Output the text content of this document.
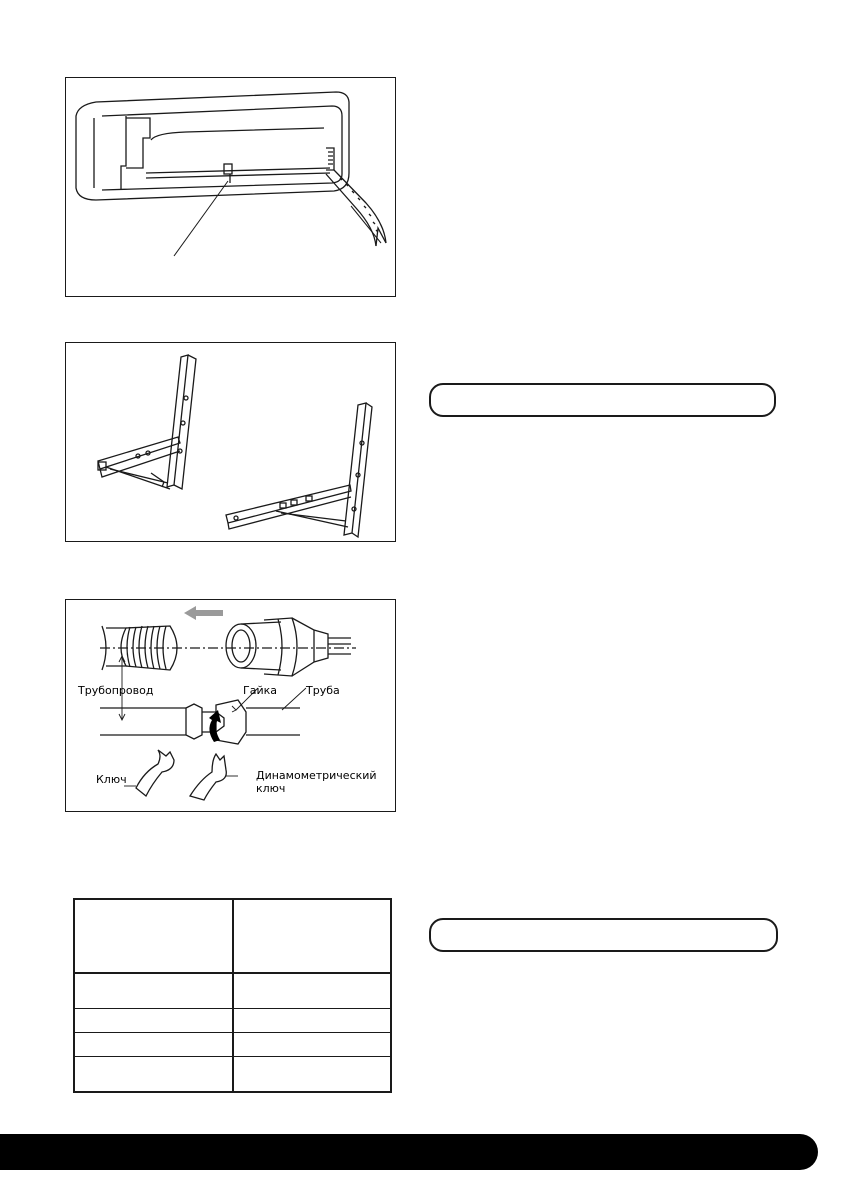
Трубопровод	Гайка	Труба
Ключ	Динамометрический
ключ
